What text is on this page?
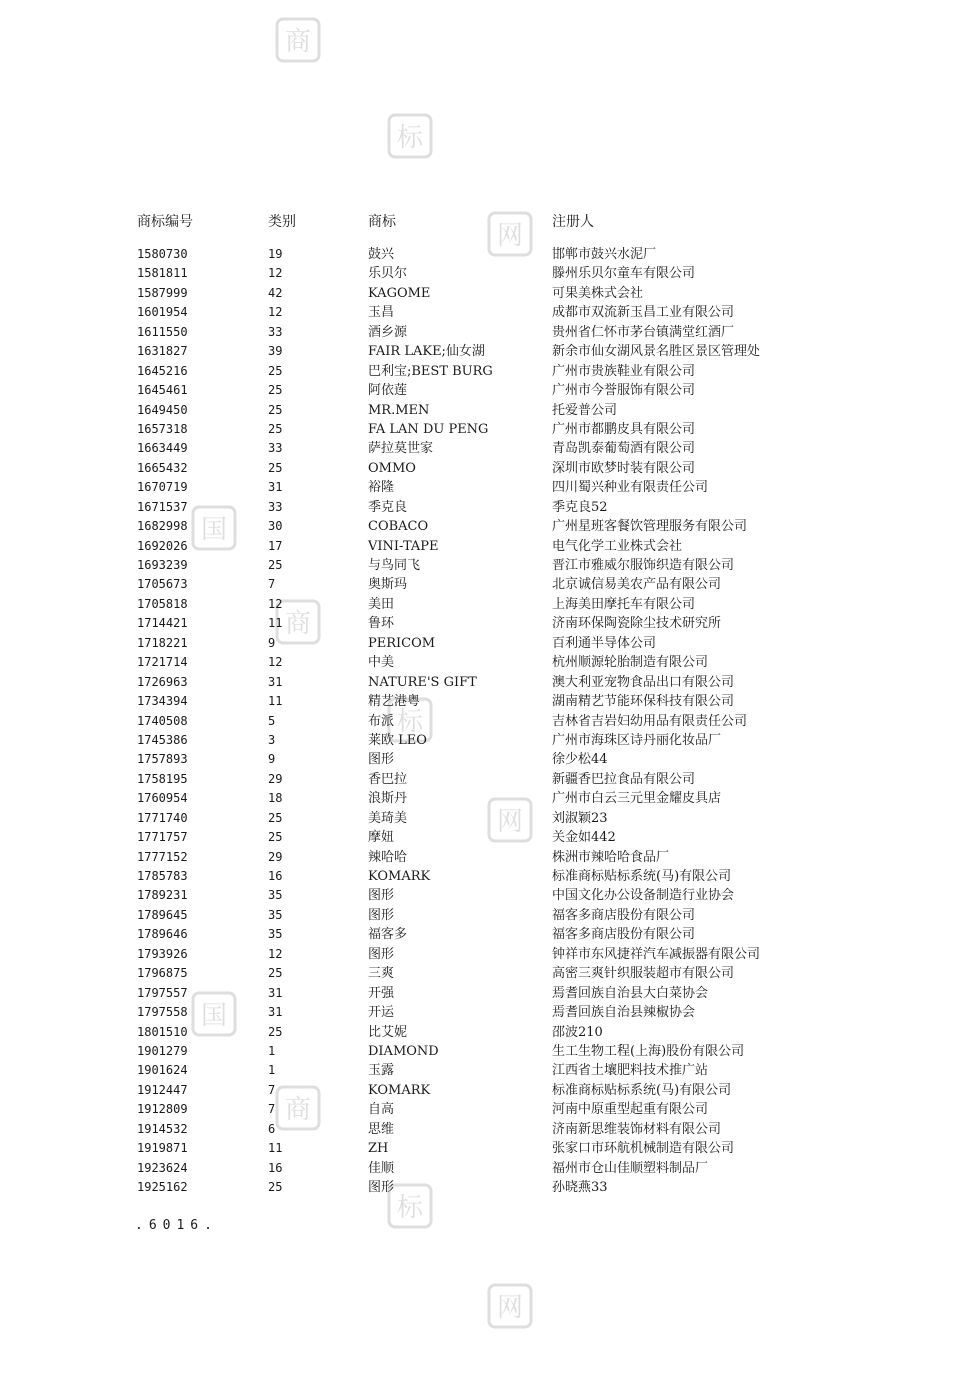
商
标
网
国
商
标
网
国
商
标
网
商标编号	类别	商标	注册人
1580730	19	鼓兴	邯郸市鼓兴水泥厂
1581811	12	乐贝尔	滕州乐贝尔童车有限公司
1587999	42	KAGOME	可果美株式会社
1601954	12	玉昌	成都市双流新玉昌工业有限公司
1611550	33	酒乡源	贵州省仁怀市茅台镇满堂红酒厂
1631827	39	FAIR LAKE;仙女湖	新余市仙女湖风景名胜区景区管理处
1645216	25	巴利宝;BEST BURG	广州市贵族鞋业有限公司
1645461	25	阿依莲	广州市今誉服饰有限公司
1649450	25	MR.MEN	托爱普公司
1657318	25	FA LAN DU PENG	广州市都鹏皮具有限公司
1663449	33	萨拉莫世家	青岛凯泰葡萄酒有限公司
1665432	25	OMMO	深圳市欧梦时装有限公司
1670719	31	裕隆	四川蜀兴种业有限责任公司
1671537	33	季克良	季克良52
1682998	30	COBACO	广州星班客餐饮管理服务有限公司
1692026	17	VINI-TAPE	电气化学工业株式会社
1693239	25	与鸟同飞	晋江市雅威尔服饰织造有限公司
1705673	7	奥斯玛	北京诚信易美农产品有限公司
1705818	12	美田	上海美田摩托车有限公司
1714421	11	鲁环	济南环保陶瓷除尘技术研究所
1718221	9	PERICOM	百利通半导体公司
1721714	12	中美	杭州顺源轮胎制造有限公司
1726963	31	NATURE'S GIFT	澳大利亚宠物食品出口有限公司
1734394	11	精艺港粤	湖南精艺节能环保科技有限公司
1740508	5	布派	吉林省吉岩妇幼用品有限责任公司
1745386	3	莱欧 LEO	广州市海珠区诗丹丽化妆品厂
1757893	9	图形	徐少松44
1758195	29	香巴拉	新疆香巴拉食品有限公司
1760954	18	浪斯丹	广州市白云三元里金耀皮具店
1771740	25	美琦美	刘淑颖23
1771757	25	摩妞	关金如442
1777152	29	辣哈哈	株洲市辣哈哈食品厂
1785783	16	KOMARK	标准商标贴标系统(马)有限公司
1789231	35	图形	中国文化办公设备制造行业协会
1789645	35	图形	福客多商店股份有限公司
1789646	35	福客多	福客多商店股份有限公司
1793926	12	图形	钟祥市东风捷祥汽车减振器有限公司
1796875	25	三爽	高密三爽针织服装超市有限公司
1797557	31	开强	焉耆回族自治县大白菜协会
1797558	31	开运	焉耆回族自治县辣椒协会
1801510	25	比艾妮	邵波210
1901279	1	DIAMOND	生工生物工程(上海)股份有限公司
1901624	1	玉露	江西省土壤肥料技术推广站
1912447	7	KOMARK	标准商标贴标系统(马)有限公司
1912809	7	自高	河南中原重型起重有限公司
1914532	6	思维	济南新思维装饰材料有限公司
1919871	11	ZH	张家口市环航机械制造有限公司
1923624	16	佳顺	福州市仓山佳顺塑料制品厂
1925162	25	图形	孙晓燕33
.6016.
